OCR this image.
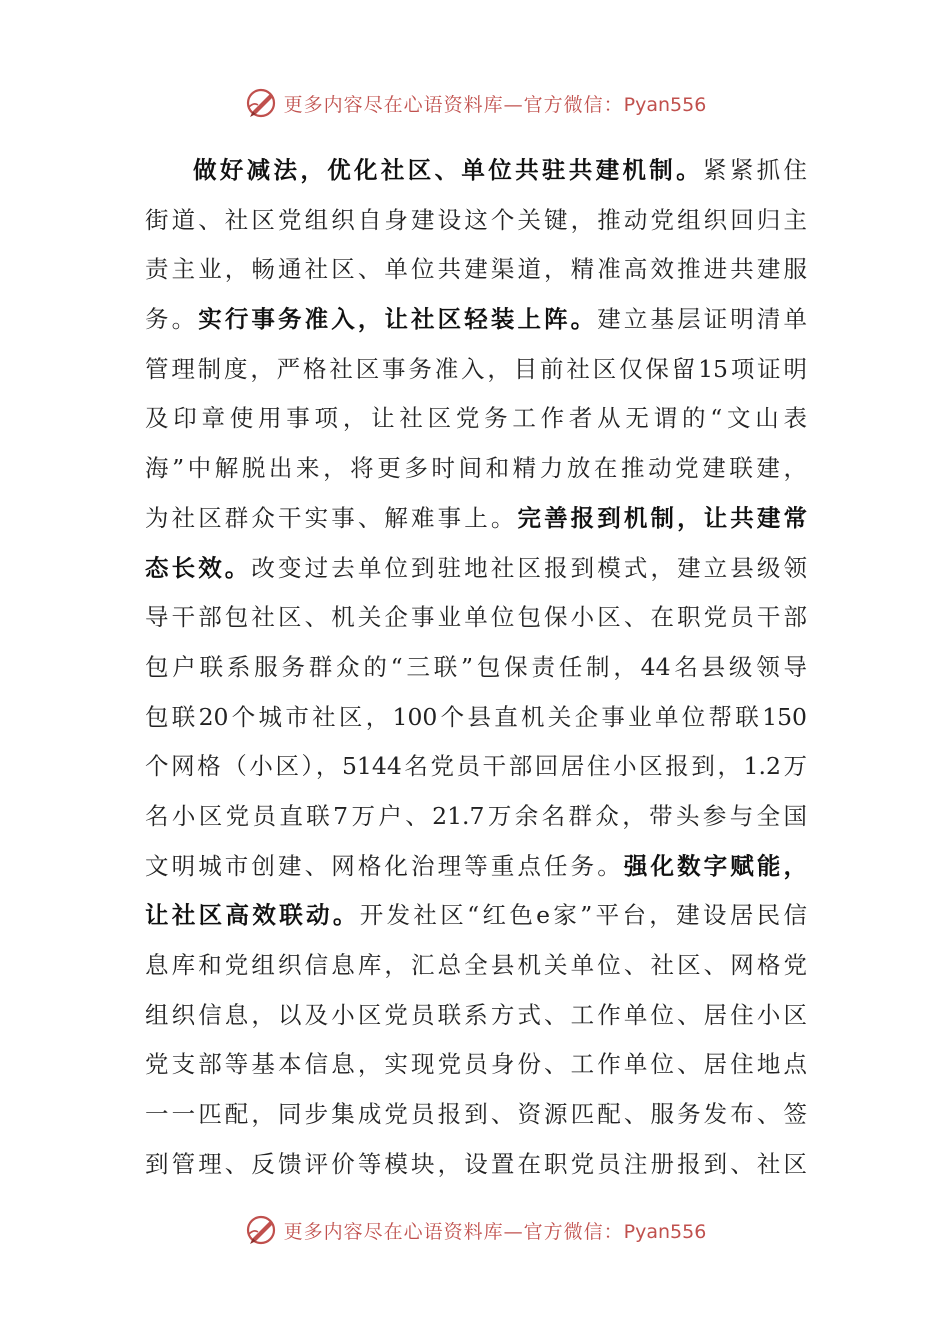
更多内容尽在心语资料库—官方微信：Pyan556
做好减法，优化社区、单位共驻共建机制。紧紧抓住
街道、社区党组织自身建设这个关键，推动党组织回归主
责主业，畅通社区、单位共建渠道，精准高效推进共建服
务。实行事务准入，让社区轻装上阵。建立基层证明清单
管理制度，严格社区事务准入，目前社区仅保留15项证明
及印章使用事项，让社区党务工作者从无谓的“文山表
海”中解脱出来，将更多时间和精力放在推动党建联建，
为社区群众干实事、解难事上。完善报到机制，让共建常
态长效。改变过去单位到驻地社区报到模式，建立县级领
导干部包社区、机关企事业单位包保小区、在职党员干部
包户联系服务群众的“三联”包保责任制，44名县级领导
包联20个城市社区，100个县直机关企事业单位帮联150
个网格（小区），5144名党员干部回居住小区报到，1.2万
名小区党员直联7万户、21.7万余名群众，带头参与全国
文明城市创建、网格化治理等重点任务。强化数字赋能，
让社区高效联动。开发社区“红色e家”平台，建设居民信
息库和党组织信息库，汇总全县机关单位、社区、网格党
组织信息，以及小区党员联系方式、工作单位、居住小区
党支部等基本信息，实现党员身份、工作单位、居住地点
一一匹配，同步集成党员报到、资源匹配、服务发布、签
到管理、反馈评价等模块，设置在职党员注册报到、社区
更多内容尽在心语资料库—官方微信：Pyan556
